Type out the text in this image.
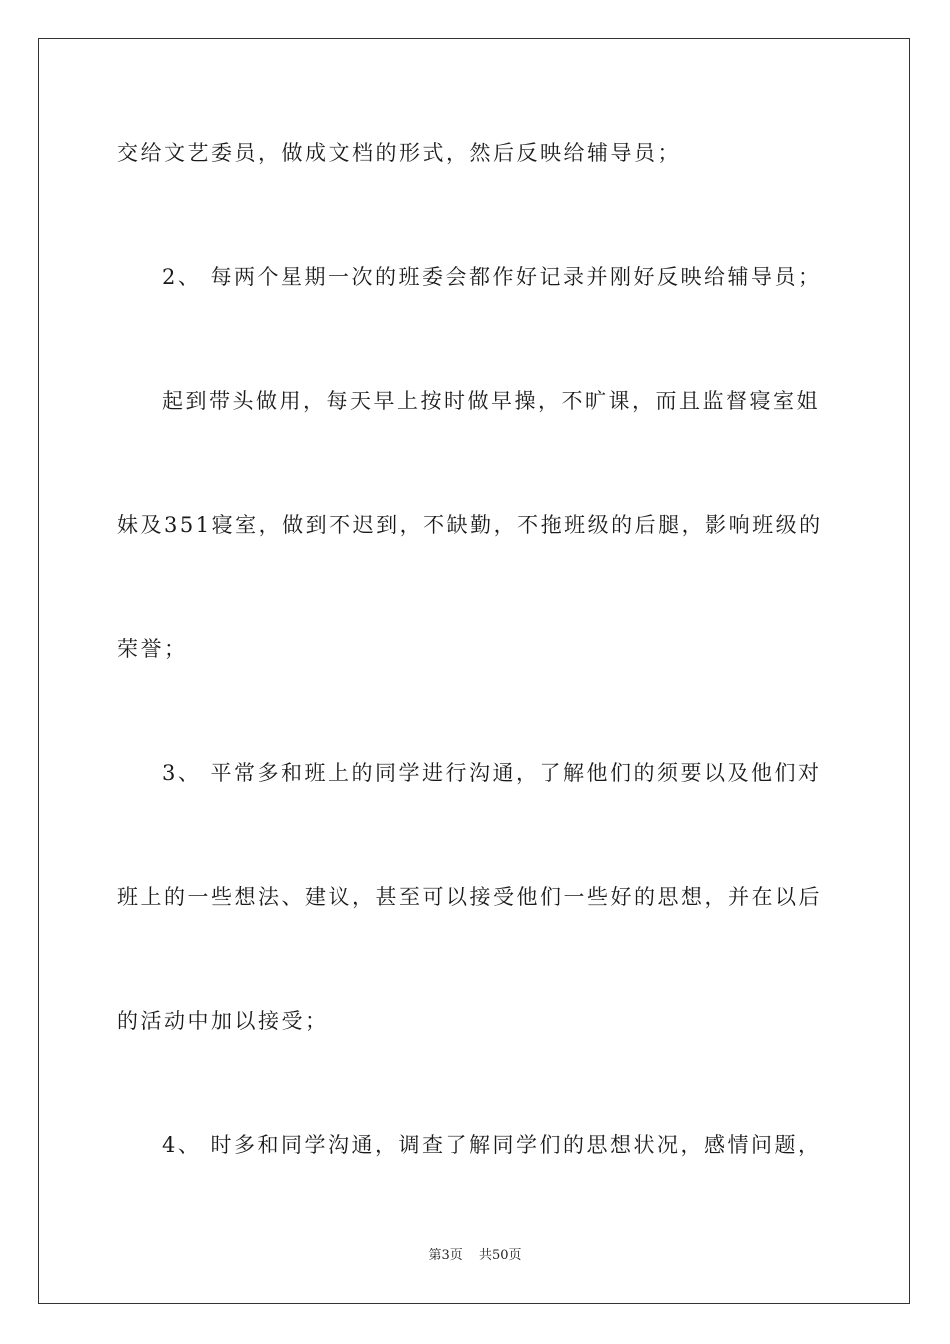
交给文艺委员，做成文档的形式，然后反映给辅导员；
2、 每两个星期一次的班委会都作好记录并刚好反映给辅导员；
起到带头做用，每天早上按时做早操，不旷课，而且监督寝室姐
妹及351寝室，做到不迟到，不缺勤，不拖班级的后腿，影响班级的
荣誉；
3、 平常多和班上的同学进行沟通，了解他们的须要以及他们对
班上的一些想法、建议，甚至可以接受他们一些好的思想，并在以后
的活动中加以接受；
4、 时多和同学沟通，调查了解同学们的思想状况，感情问题，
第3页 共50页
